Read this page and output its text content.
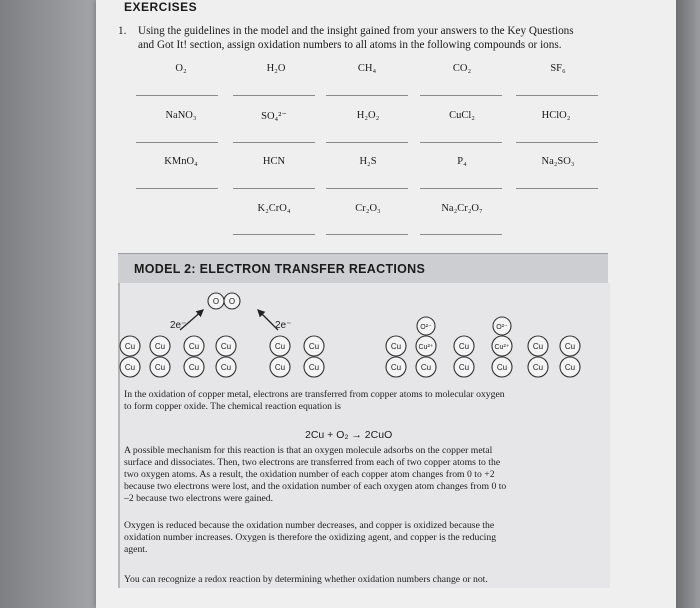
EXERCISES
1. Using the guidelines in the model and the insight gained from your answers to the Key Questions
and Got It! section, assign oxidation numbers to all atoms in the following compounds or ions.
O₂	H₂O	CH₄	CO₂	SF₆
NaNO₃	SO₄²⁻	H₂O₂	CuCl₂	HClO₂
KMnO₄	HCN	H₂S	P₄	Na₂SO₃
K₂CrO₄	Cr₂O₃	Na₂Cr₂O₇
MODEL 2: ELECTRON TRANSFER REACTIONS
O O
O²⁻	O²⁻
2e⁻	2e⁻
Cu
Cu
Cu
Cu
Cu
Cu
Cu
Cu
Cu
Cu
Cu
Cu
Cu
Cu
Cu²⁺
Cu
Cu
Cu
Cu²⁺
Cu
Cu
Cu
Cu
Cu
In the oxidation of copper metal, electrons are transferred from copper atoms to molecular oxygen
to form copper oxide. The chemical reaction equation is
2Cu + O₂ → 2CuO
A possible mechanism for this reaction is that an oxygen molecule adsorbs on the copper metal
surface and dissociates. Then, two electrons are transferred from each of two copper atoms to the
two oxygen atoms. As a result, the oxidation number of each copper atom changes from 0 to +2
because two electrons were lost, and the oxidation number of each oxygen atom changes from 0 to
–2 because two electrons were gained.
Oxygen is reduced because the oxidation number decreases, and copper is oxidized because the
oxidation number increases. Oxygen is therefore the oxidizing agent, and copper is the reducing
agent.
You can recognize a redox reaction by determining whether oxidation numbers change or not.
